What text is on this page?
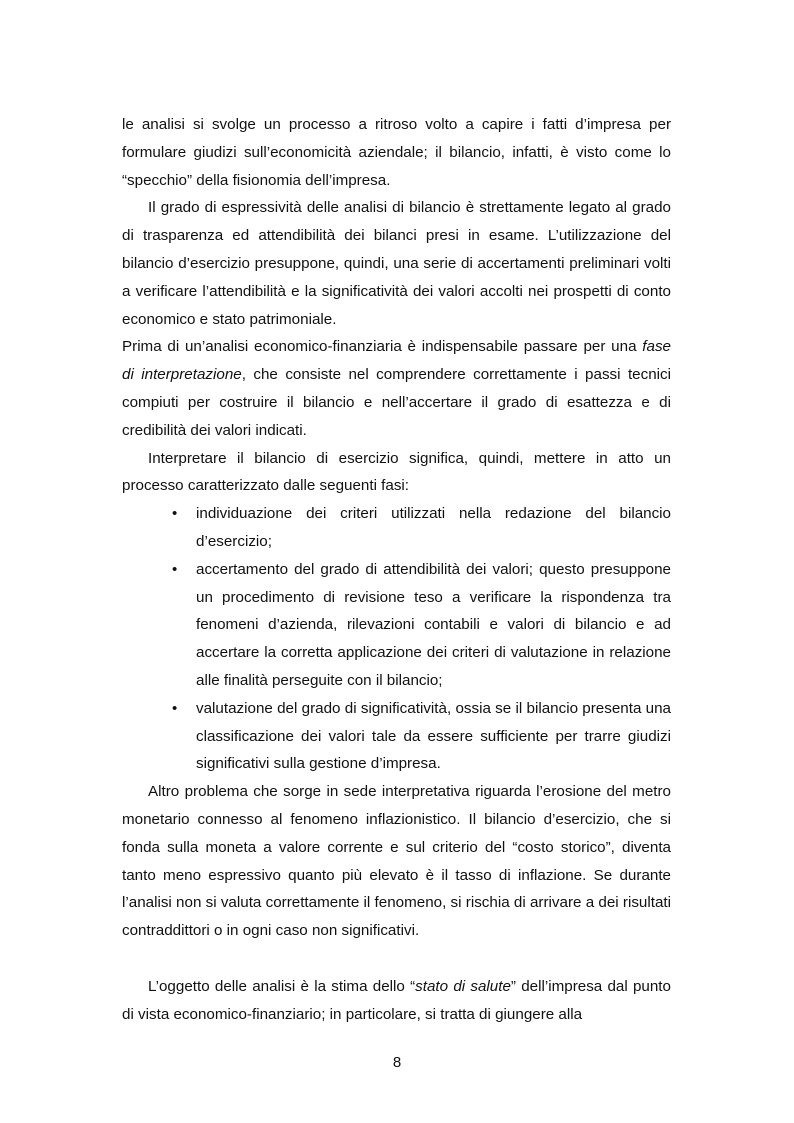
le analisi si svolge un processo a ritroso volto a capire i fatti d’impresa per formulare giudizi sull’economicità aziendale; il bilancio, infatti, è visto come lo “specchio” della fisionomia dell’impresa.

Il grado di espressività delle analisi di bilancio è strettamente legato al grado di trasparenza ed attendibilità dei bilanci presi in esame. L’utilizzazione del bilancio d’esercizio presuppone, quindi, una serie di accertamenti preliminari volti a verificare l’attendibilità e la significatività dei valori accolti nei prospetti di conto economico e stato patrimoniale.

Prima di un’analisi economico-finanziaria è indispensabile passare per una fase di interpretazione, che consiste nel comprendere correttamente i passi tecnici compiuti per costruire il bilancio e nell’accertare il grado di esattezza e di credibilità dei valori indicati.

Interpretare il bilancio di esercizio significa, quindi, mettere in atto un processo caratterizzato dalle seguenti fasi:

• individuazione dei criteri utilizzati nella redazione del bilancio d’esercizio;
• accertamento del grado di attendibilità dei valori; questo presuppone un procedimento di revisione teso a verificare la rispondenza tra fenomeni d’azienda, rilevazioni contabili e valori di bilancio e ad accertare la corretta applicazione dei criteri di valutazione in relazione alle finalità perseguite con il bilancio;
• valutazione del grado di significatività, ossia se il bilancio presenta una classificazione dei valori tale da essere sufficiente per trarre giudizi significativi sulla gestione d’impresa.

Altro problema che sorge in sede interpretativa riguarda l’erosione del metro monetario connesso al fenomeno inflazionistico. Il bilancio d’esercizio, che si fonda sulla moneta a valore corrente e sul criterio del “costo storico”, diventa tanto meno espressivo quanto più elevato è il tasso di inflazione. Se durante l’analisi non si valuta correttamente il fenomeno, si rischia di arrivare a dei risultati contraddittori o in ogni caso non significativi.

L’oggetto delle analisi è la stima dello “stato di salute” dell’impresa dal punto di vista economico-finanziario; in particolare, si tratta di giungere alla

8
